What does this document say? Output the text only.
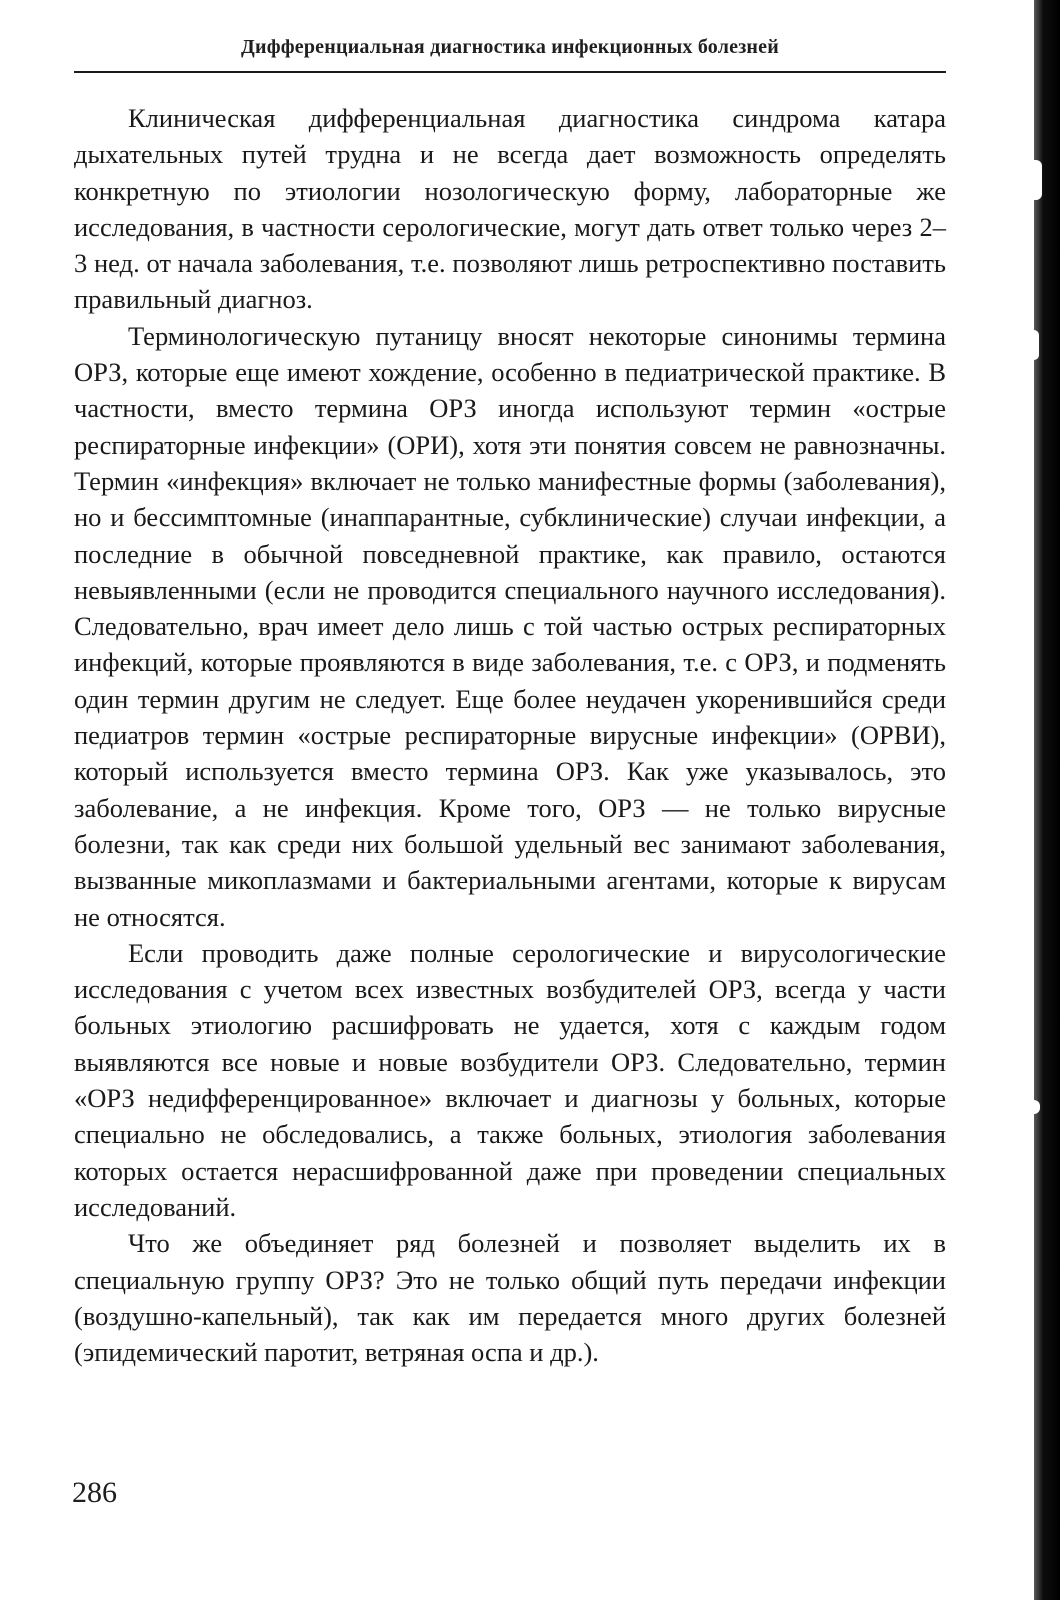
Дифференциальная диагностика инфекционных болезней

Клиническая дифференциальная диагностика синдрома катара дыхательных путей трудна и не всегда дает возможность определять конкретную по этиологии нозологическую форму, лабораторные же исследования, в частности серологические, могут дать ответ только через 2–3 нед. от начала заболевания, т.е. позволяют лишь ретроспективно поставить правильный диагноз.

Терминологическую путаницу вносят некоторые синонимы термина ОРЗ, которые еще имеют хождение, особенно в педиатрической практике. В частности, вместо термина ОРЗ иногда используют термин «острые респираторные инфекции» (ОРИ), хотя эти понятия совсем не равнозначны. Термин «инфекция» включает не только манифестные формы (заболевания), но и бессимптомные (инаппарантные, субклинические) случаи инфекции, а последние в обычной повседневной практике, как правило, остаются невыявленными (если не проводится специального научного исследования). Следовательно, врач имеет дело лишь с той частью острых респираторных инфекций, которые проявляются в виде заболевания, т.е. с ОРЗ, и подменять один термин другим не следует. Еще более неудачен укоренившийся среди педиатров термин «острые респираторные вирусные инфекции» (ОРВИ), который используется вместо термина ОРЗ. Как уже указывалось, это заболевание, а не инфекция. Кроме того, ОРЗ — не только вирусные болезни, так как среди них большой удельный вес занимают заболевания, вызванные микоплазмами и бактериальными агентами, которые к вирусам не относятся.

Если проводить даже полные серологические и вирусологические исследования с учетом всех известных возбудителей ОРЗ, всегда у части больных этиологию расшифровать не удается, хотя с каждым годом выявляются все новые и новые возбудители ОРЗ. Следовательно, термин «ОРЗ недифференцированное» включает и диагнозы у больных, которые специально не обследовались, а также больных, этиология заболевания которых остается нерасшифрованной даже при проведении специальных исследований.

Что же объединяет ряд болезней и позволяет выделить их в специальную группу ОРЗ? Это не только общий путь передачи инфекции (воздушно-капельный), так как им передается много других болезней (эпидемический паротит, ветряная оспа и др.).

286
